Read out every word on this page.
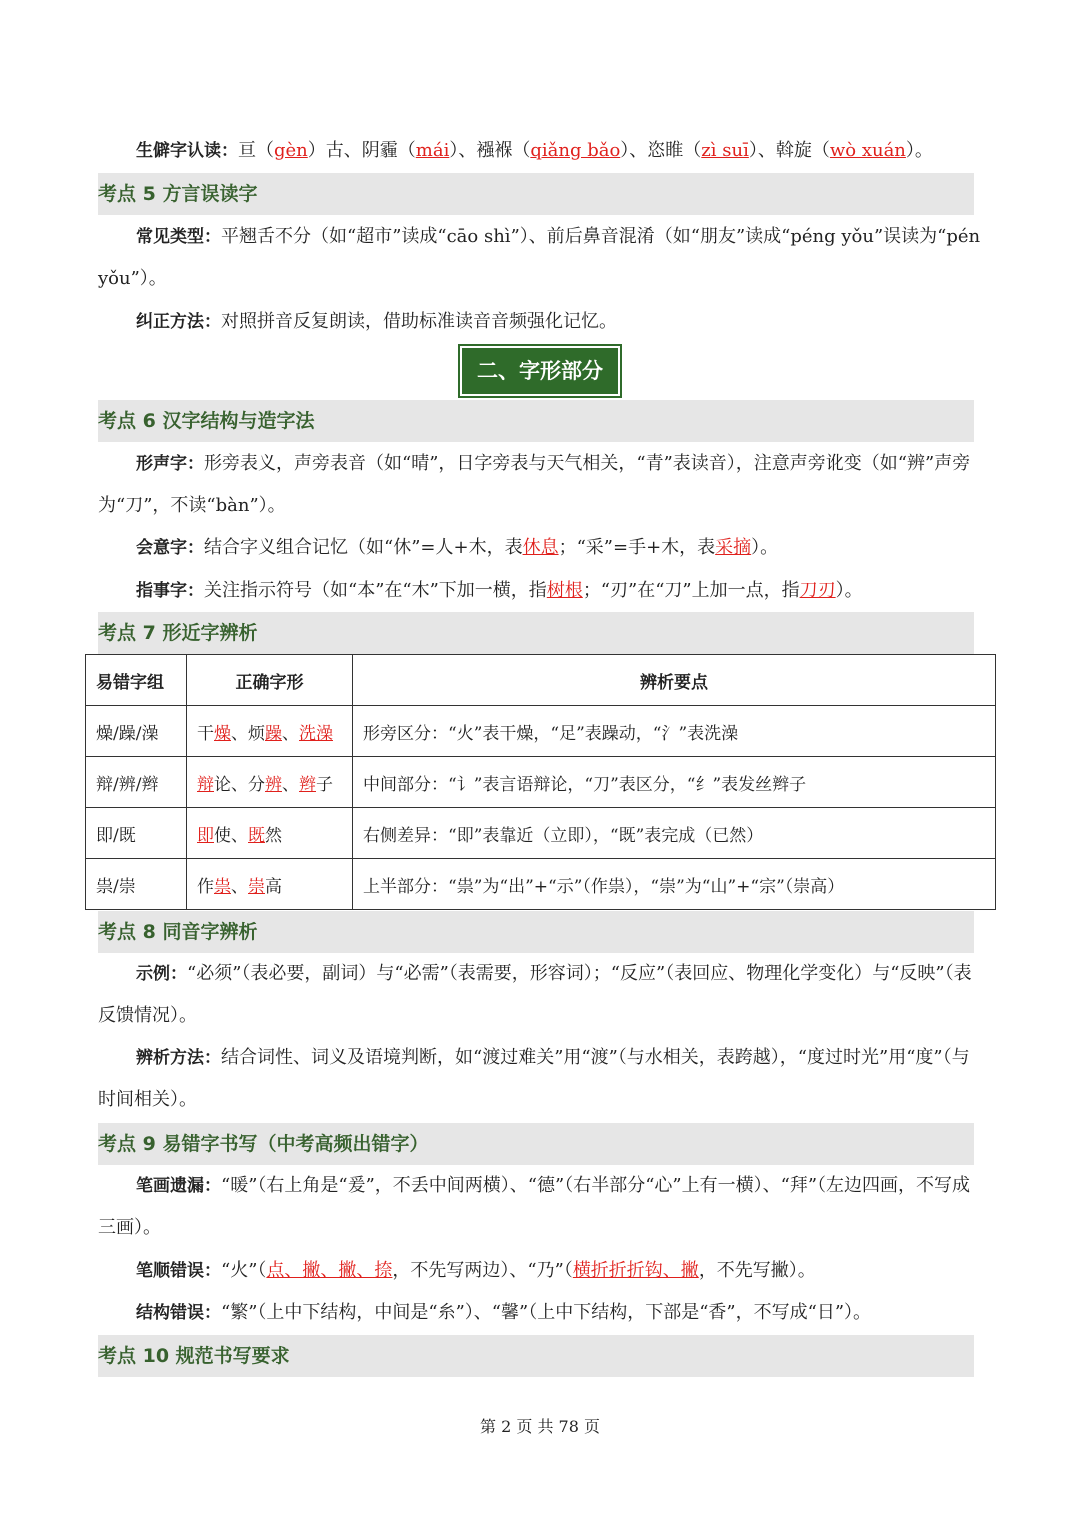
生僻字认读：亘（gèn）古、阴霾（mái）、襁褓（qiǎng bǎo）、恣睢（zì suī）、斡旋（wò xuán）。

考点 5 方言误读字

常见类型：平翘舌不分（如“超市”读成“cāo shì”）、前后鼻音混淆（如“朋友”读成“péng yǒu”误读为“pén yǒu”）。

纠正方法：对照拼音反复朗读，借助标准读音音频强化记忆。

二、字形部分
考点 6 汉字结构与造字法

形声字：形旁表义，声旁表音（如“晴”，日字旁表与天气相关，“青”表读音），注意声旁讹变（如“辨”声旁为“刀”，不读“bàn”）。

会意字：结合字义组合记忆（如“休”=人+木，表休息；“采”=手+木，表采摘）。

指事字：关注指示符号（如“本”在“木”下加一横，指树根；“刃”在“刀”上加一点，指刀刃）。

考点 7 形近字辨析
易错字组	正确字形	辨析要点
燥/躁/澡	干燥、烦躁、洗澡	形旁区分：“火”表干燥，“足”表躁动，“氵”表洗澡
辩/辨/辫	辩论、分辨、辫子	中间部分：“讠”表言语辩论，“刀”表区分，“纟”表发丝辫子
即/既	即使、既然	右侧差异：“即”表靠近（立即），“既”表完成（已然）
祟/崇	作祟、崇高	上半部分：“祟”为“出”+“示”（作祟），“崇”为“山”+“宗”（崇高）
考点 8 同音字辨析

示例：“必须”（表必要，副词）与“必需”（表需要，形容词）；“反应”（表回应、物理化学变化）与“反映”（表反馈情况）。

辨析方法：结合词性、词义及语境判断，如“渡过难关”用“渡”（与水相关，表跨越），“度过时光”用“度”（与时间相关）。

考点 9 易错字书写（中考高频出错字）

笔画遗漏：“暖”（右上角是“爰”，不丢中间两横）、“德”（右半部分“心”上有一横）、“拜”（左边四画，不写成三画）。

笔顺错误：“火”（点、撇、撇、捺，不先写两边）、“乃”（横折折折钩、撇，不先写撇）。

结构错误：“繁”（上中下结构，中间是“糸”）、“馨”（上中下结构，下部是“香”，不写成“日”）。

考点 10 规范书写要求
第 2 页 共 78 页
